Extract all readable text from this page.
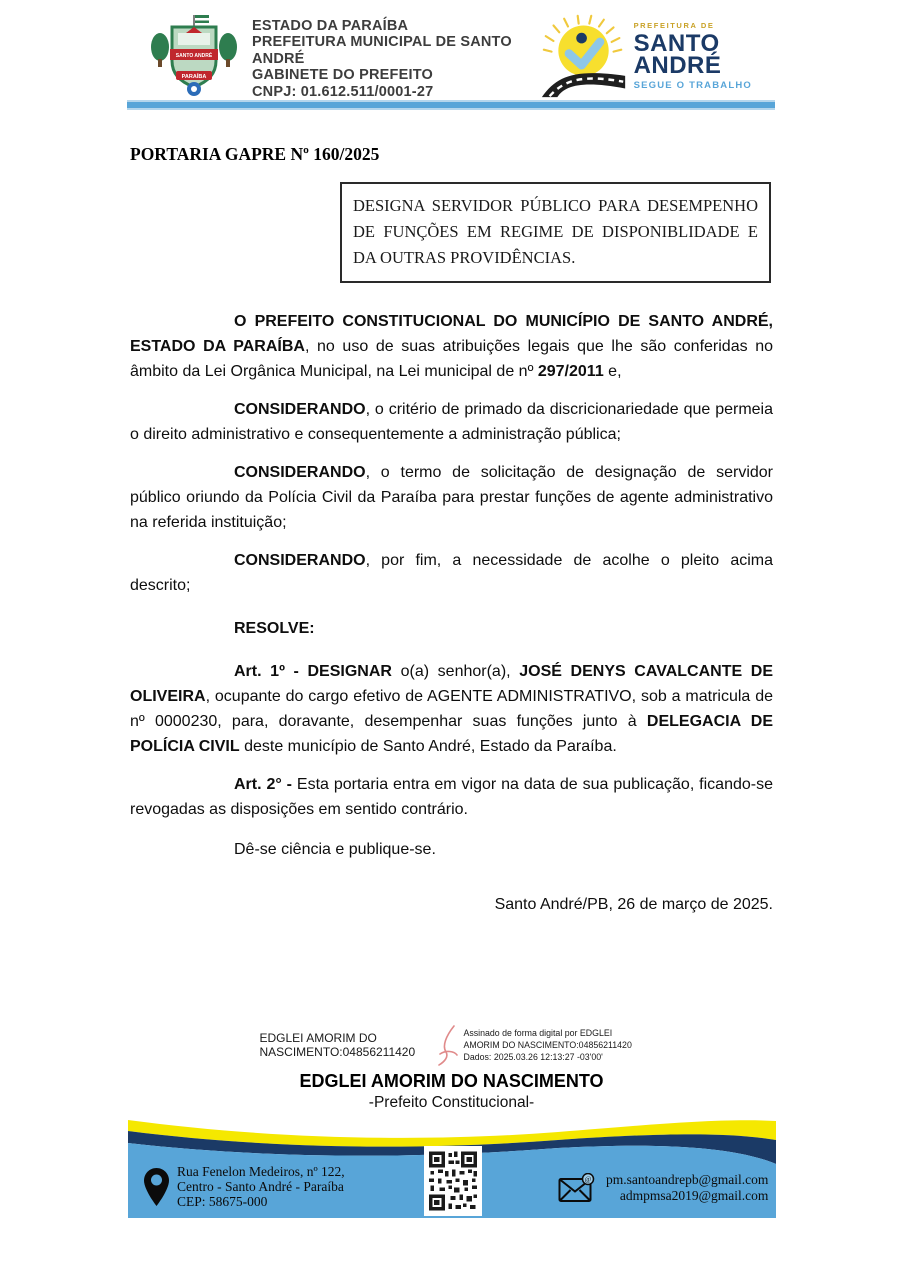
SANTO ANDRÉ
PARAÍBA
ESTADO DA PARAÍBA
PREFEITURA MUNICIPAL DE SANTO ANDRÉ
GABINETE DO PREFEITO
CNPJ: 01.612.511/0001-27
PREFEITURA DE
SANTO
ANDRÉ
SEGUE O TRABALHO
PORTARIA GAPRE Nº 160/2025
DESIGNA SERVIDOR PÚBLICO PARA DESEMPENHO DE FUNÇÕES EM REGIME DE DISPONIBLIDADE E DA OUTRAS PROVIDÊNCIAS.

O PREFEITO CONSTITUCIONAL DO MUNICÍPIO DE SANTO ANDRÉ, ESTADO DA PARAÍBA, no uso de suas atribuições legais que lhe são conferidas no âmbito da Lei Orgânica Municipal, na Lei municipal de nº 297/2011 e,

CONSIDERANDO, o critério de primado da discricionariedade que permeia o direito administrativo e consequentemente a administração pública;

CONSIDERANDO, o termo de solicitação de designação de servidor público oriundo da Polícia Civil da Paraíba para prestar funções de agente administrativo na referida instituição;

CONSIDERANDO, por fim, a necessidade de acolhe o pleito acima descrito;

RESOLVE:

Art. 1º - DESIGNAR o(a) senhor(a), JOSÉ DENYS CAVALCANTE DE OLIVEIRA, ocupante do cargo efetivo de AGENTE ADMINISTRATIVO, sob a matricula de nº 0000230, para, doravante, desempenhar suas funções junto à DELEGACIA DE POLÍCIA CIVIL deste município de Santo André, Estado da Paraíba.

Art. 2° - Esta portaria entra em vigor na data de sua publicação, ficando-se revogadas as disposições em sentido contrário.

Dê-se ciência e publique-se.

Santo André/PB, 26 de março de 2025.

EDGLEI AMORIM DO
NASCIMENTO:04856211420
Assinado de forma digital por EDGLEI
AMORIM DO NASCIMENTO:04856211420
Dados: 2025.03.26 12:13:27 -03'00'
EDGLEI AMORIM DO NASCIMENTO
-Prefeito Constitucional-
Rua Fenelon Medeiros, nº 122,
Centro - Santo André - Paraíba
CEP: 58675-000
@ pm.santoandrepb@gmail.com
admpmsa2019@gmail.com
